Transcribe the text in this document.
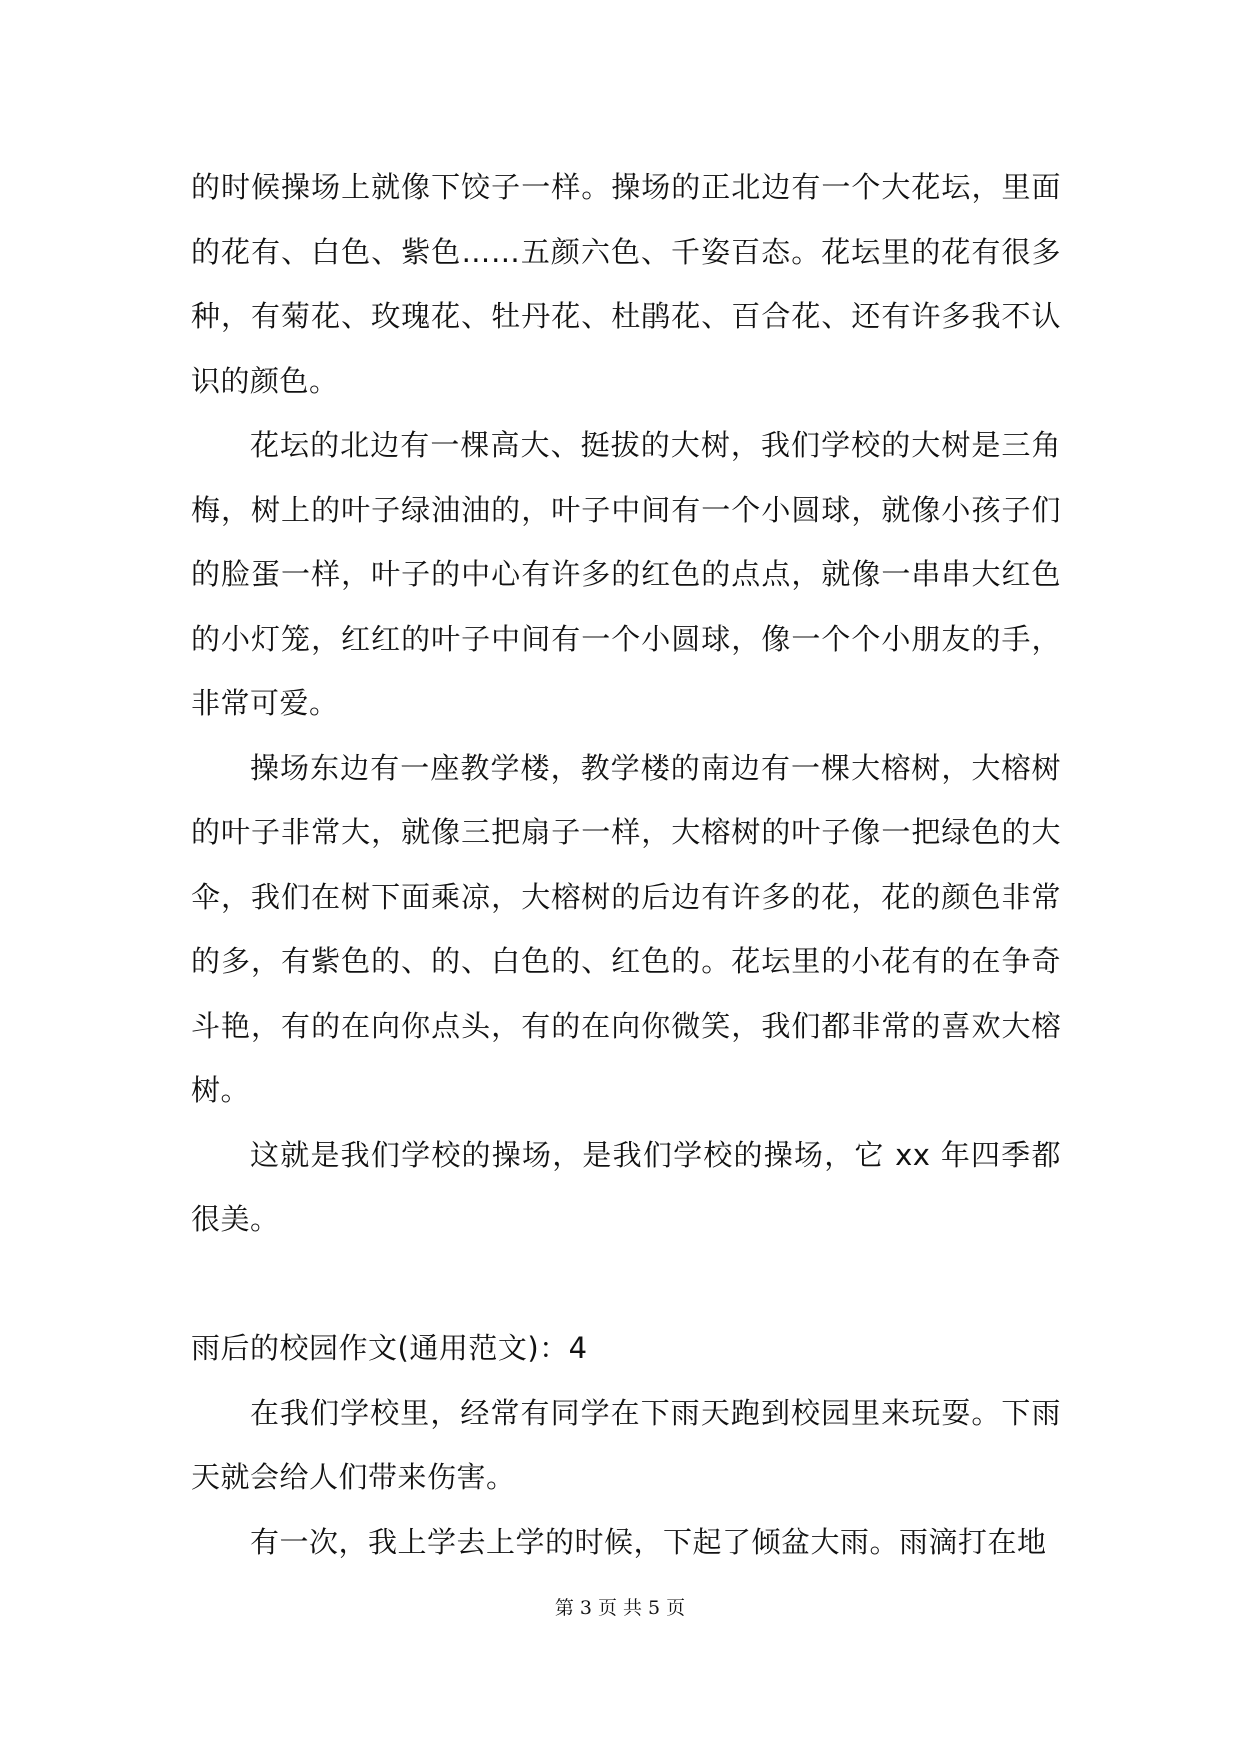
的时候操场上就像下饺子一样。操场的正北边有一个大花坛，里面的花有、白色、紫色……五颜六色、千姿百态。花坛里的花有很多种，有菊花、玫瑰花、牡丹花、杜鹃花、百合花、还有许多我不认识的颜色。

花坛的北边有一棵高大、挺拔的大树，我们学校的大树是三角梅，树上的叶子绿油油的，叶子中间有一个小圆球，就像小孩子们的脸蛋一样，叶子的中心有许多的红色的点点，就像一串串大红色的小灯笼，红红的叶子中间有一个小圆球，像一个个小朋友的手，非常可爱。

操场东边有一座教学楼，教学楼的南边有一棵大榕树，大榕树的叶子非常大，就像三把扇子一样，大榕树的叶子像一把绿色的大伞，我们在树下面乘凉，大榕树的后边有许多的花，花的颜色非常的多，有紫色的、的、白色的、红色的。花坛里的小花有的在争奇斗艳，有的在向你点头，有的在向你微笑，我们都非常的喜欢大榕树。

这就是我们学校的操场，是我们学校的操场，它 xx 年四季都很美。

雨后的校园作文(通用范文)：4

在我们学校里，经常有同学在下雨天跑到校园里来玩耍。下雨天就会给人们带来伤害。

有一次，我上学去上学的时候，下起了倾盆大雨。雨滴打在地

第 3 页 共 5 页
